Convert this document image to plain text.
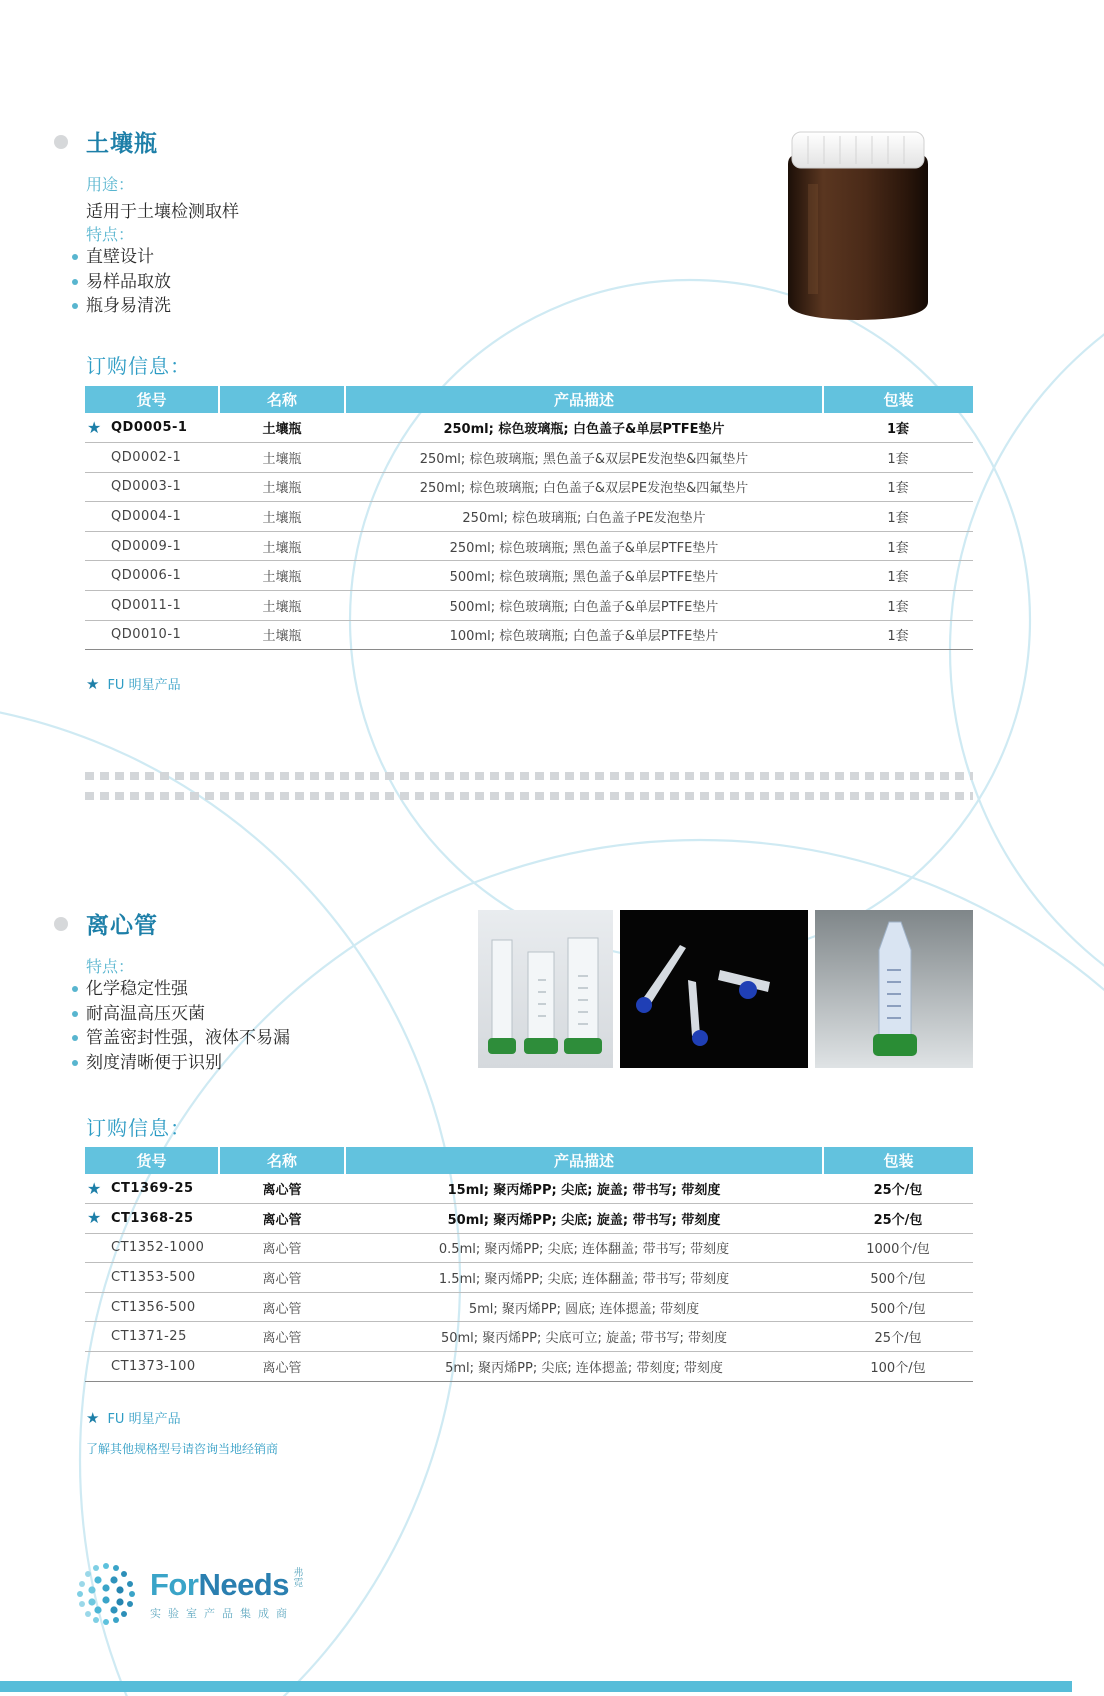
土壤瓶
用途：
适用于土壤检测取样
特点：
直壁设计
易样品取放
瓶身易清洗
订购信息：
货号	名称	产品描述	包装

★ QD0005-1	土壤瓶	250ml; 棕色玻璃瓶; 白色盖子&单层PTFE垫片	1套
QD0002-1	土壤瓶	250ml; 棕色玻璃瓶; 黑色盖子&双层PE发泡垫&四氟垫片	1套
QD0003-1	土壤瓶	250ml; 棕色玻璃瓶; 白色盖子&双层PE发泡垫&四氟垫片	1套
QD0004-1	土壤瓶	250ml; 棕色玻璃瓶; 白色盖子PE发泡垫片	1套
QD0009-1	土壤瓶	250ml; 棕色玻璃瓶; 黑色盖子&单层PTFE垫片	1套
QD0006-1	土壤瓶	500ml; 棕色玻璃瓶; 黑色盖子&单层PTFE垫片	1套
QD0011-1	土壤瓶	500ml; 棕色玻璃瓶; 白色盖子&单层PTFE垫片	1套
QD0010-1	土壤瓶	100ml; 棕色玻璃瓶; 白色盖子&单层PTFE垫片	1套
★ FU 明星产品
离心管
特点：
化学稳定性强
耐高温高压灭菌
管盖密封性强，液体不易漏
刻度清晰便于识别
订购信息：
货号	名称	产品描述	包装

★ CT1369-25	离心管	15ml; 聚丙烯PP; 尖底; 旋盖; 带书写; 带刻度	25个/包

★ CT1368-25	离心管	50ml; 聚丙烯PP; 尖底; 旋盖; 带书写; 带刻度	25个/包
CT1352-1000	离心管	0.5ml; 聚丙烯PP; 尖底; 连体翻盖; 带书写; 带刻度	1000个/包
CT1353-500	离心管	1.5ml; 聚丙烯PP; 尖底; 连体翻盖; 带书写; 带刻度	500个/包
CT1356-500	离心管	5ml; 聚丙烯PP; 圆底; 连体摁盖; 带刻度	500个/包
CT1371-25	离心管	50ml; 聚丙烯PP; 尖底可立; 旋盖; 带书写; 带刻度	25个/包
CT1373-100	离心管	5ml; 聚丙烯PP; 尖底; 连体摁盖; 带刻度; 带刻度	100个/包
★ FU 明星产品
了解其他规格型号请咨询当地经销商
ForNeeds 弗霓
实验室产品集成商
